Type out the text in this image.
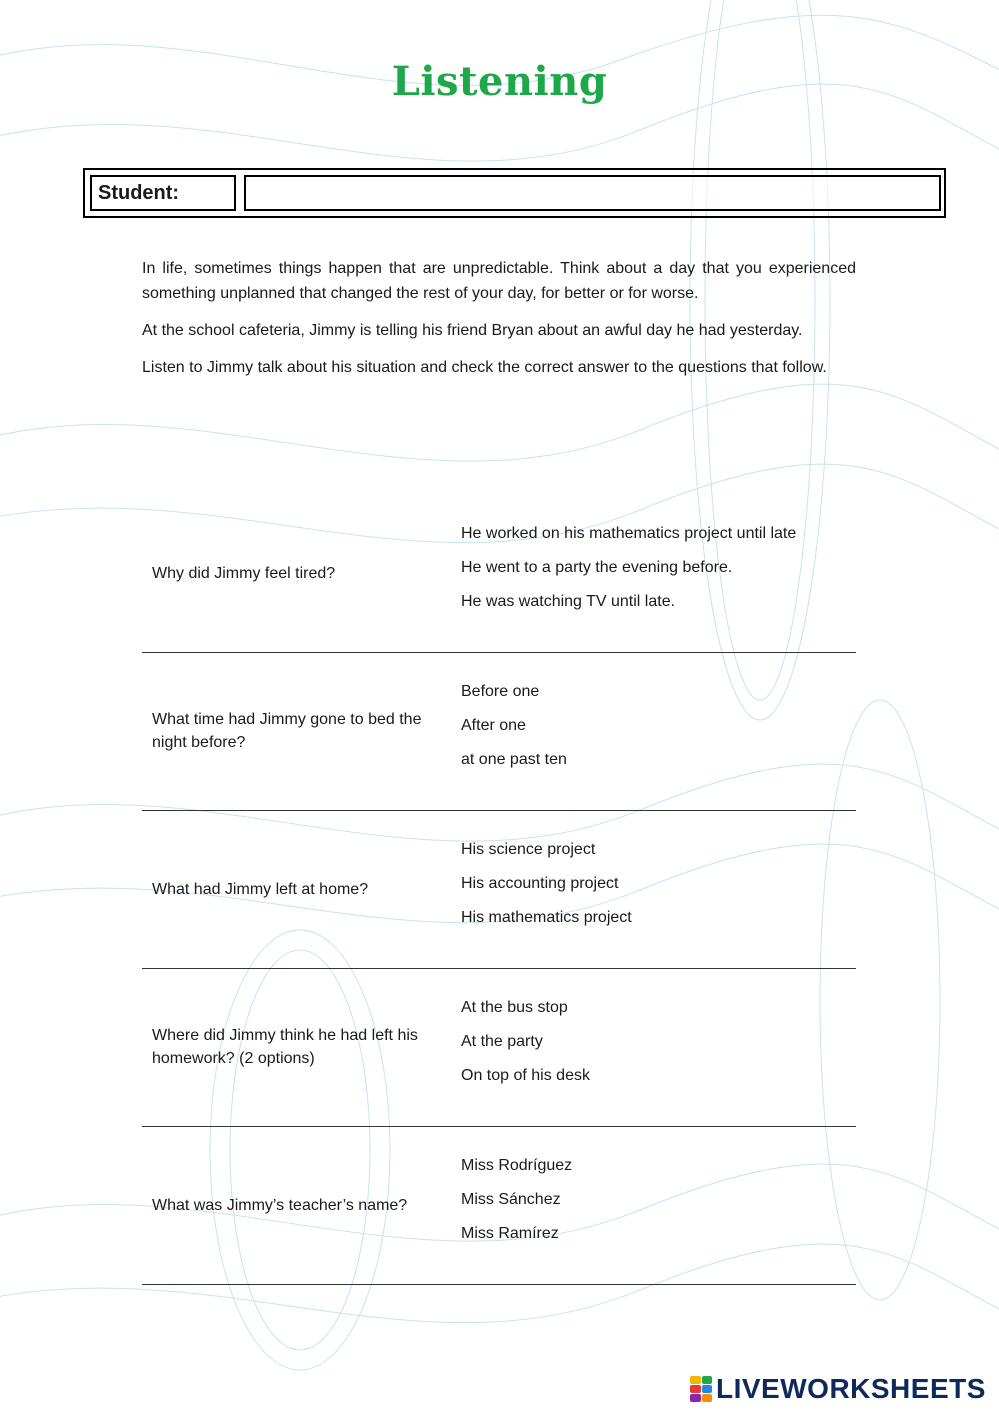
Listening
Student:

In life, sometimes things happen that are unpredictable. Think about a day that you experienced something unplanned that changed the rest of your day, for better or for worse.

At the school cafeteria, Jimmy is telling his friend Bryan about an awful day he had yesterday.

Listen to Jimmy talk about his situation and check the correct answer to the questions that follow.

Why did Jimmy feel tired?
He worked on his mathematics project until late
He went to a party the evening before.
He was watching TV until late.
What time had Jimmy gone to bed the night before?
Before one
After one
at one past ten
What had Jimmy left at home?
His science project
His accounting project
His mathematics project
Where did Jimmy think he had left his homework? (2 options)
At the bus stop
At the party
On top of his desk
What was Jimmy’s teacher’s name?
Miss Rodríguez
Miss Sánchez
Miss Ramírez
LIVEWORKSHEETS
